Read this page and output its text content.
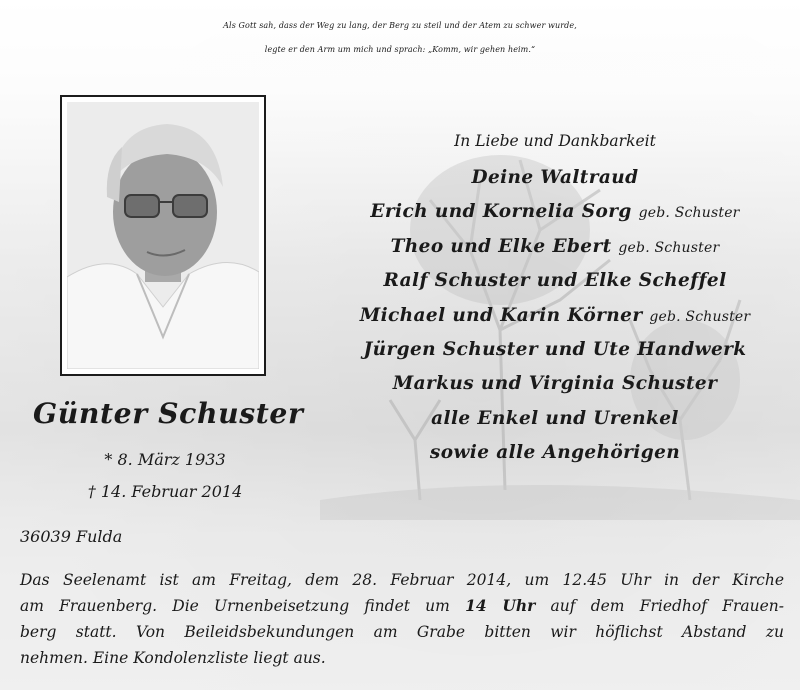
Als Gott sah, dass der Weg zu lang, der Berg zu steil und der Atem zu schwer wurde,
legte er den Arm um mich und sprach: „Komm, wir gehen heim.“
Günter Schuster
* 8. März 1933
† 14. Februar 2014
36039 Fulda
In Liebe und Dankbarkeit
Deine Waltraud
Erich und Kornelia Sorg geb. Schuster
Theo und Elke Ebert geb. Schuster
Ralf Schuster und Elke Scheffel
Michael und Karin Körner geb. Schuster
Jürgen Schuster und Ute Handwerk
Markus und Virginia Schuster
alle Enkel und Urenkel
sowie alle Angehörigen
Das Seelenamt ist am Freitag, dem 28. Februar 2014, um 12.45 Uhr in der Kirche
am Frauenberg. Die Urnenbeisetzung findet um 14 Uhr auf dem Friedhof Frauen-
berg statt. Von Beileidsbekundungen am Grabe bitten wir höflichst Abstand zu
nehmen. Eine Kondolenzliste liegt aus.
